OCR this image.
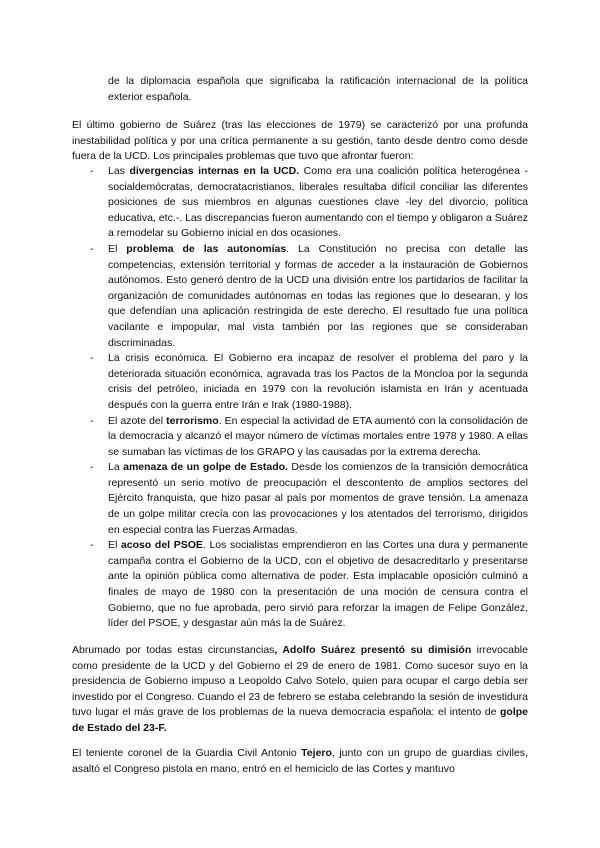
de la diplomacia española que significaba la ratificación internacional de la política exterior española.

El último gobierno de Suárez (tras las elecciones de 1979) se caracterizó por una profunda inestabilidad política y por una crítica permanente a su gestión, tanto desde dentro como desde fuera de la UCD. Los principales problemas que tuvo que afrontar fueron:

- Las divergencias internas en la UCD. Como era una coalición política heterogénea -socialdemócratas, democratacristianos, liberales resultaba difícil conciliar las diferentes posiciones de sus miembros en algunas cuestiones clave -ley del divorcio, política educativa, etc.-. Las discrepancias fueron aumentando con el tiempo y obligaron a Suárez a remodelar su Gobierno inicial en dos ocasiones.
- El problema de las autonomías. La Constitución no precisa con detalle las competencias, extensión territorial y formas de acceder a la instauración de Gobiernos autónomos. Esto generó dentro de la UCD una división entre los partidarios de facilitar la organización de comunidades autónomas en todas las regiones que lo desearan, y los que defendían una aplicación restringida de este derecho. El resultado fue una política vacilante e impopular, mal vista también por las regiones que se consideraban discriminadas.
- La crisis económica. El Gobierno era incapaz de resolver el problema del paro y la deteriorada situación económica, agravada tras los Pactos de la Moncloa por la segunda crisis del petróleo, iniciada en 1979 con la revolución islamista en Irán y acentuada después con la guerra entre Irán e Irak (1980-1988).
- El azote del terrorismo. En especial la actividad de ETA aumentó con la consolidación de la democracia y alcanzó el mayor número de víctimas mortales entre 1978 y 1980. A ellas se sumaban las víctimas de los GRAPO y las causadas por la extrema derecha.
- La amenaza de un golpe de Estado. Desde los comienzos de la transición democrática representó un serio motivo de preocupación el descontento de amplios sectores del Ejército franquista, que hizo pasar al país por momentos de grave tensión. La amenaza de un golpe militar crecía con las provocaciones y los atentados del terrorismo, dirigidos en especial contra las Fuerzas Armadas.
- El acoso del PSOE. Los socialistas emprendieron en las Cortes una dura y permanente campaña contra el Gobierno de la UCD, con el objetivo de desacreditarlo y presentarse ante la opinión pública como alternativa de poder. Esta implacable oposición culminó a finales de mayo de 1980 con la presentación de una moción de censura contra el Gobierno, que no fue aprobada, pero sirvió para reforzar la imagen de Felipe González, líder del PSOE, y desgastar aún más la de Suárez.

Abrumado por todas estas circunstancias, Adolfo Suárez presentó su dimisión irrevocable como presidente de la UCD y del Gobierno el 29 de enero de 1981. Como sucesor suyo en la presidencia de Gobierno impuso a Leopoldo Calvo Sotelo, quien para ocupar el cargo debía ser investido por el Congreso. Cuando el 23 de febrero se estaba celebrando la sesión de investidura tuvo lugar el más grave de los problemas de la nueva democracia española: el intento de golpe de Estado del 23-F.

El teniente coronel de la Guardia Civil Antonio Tejero, junto con un grupo de guardias civiles, asaltó el Congreso pistola en mano, entró en el hemiciclo de las Cortes y mantuvo
